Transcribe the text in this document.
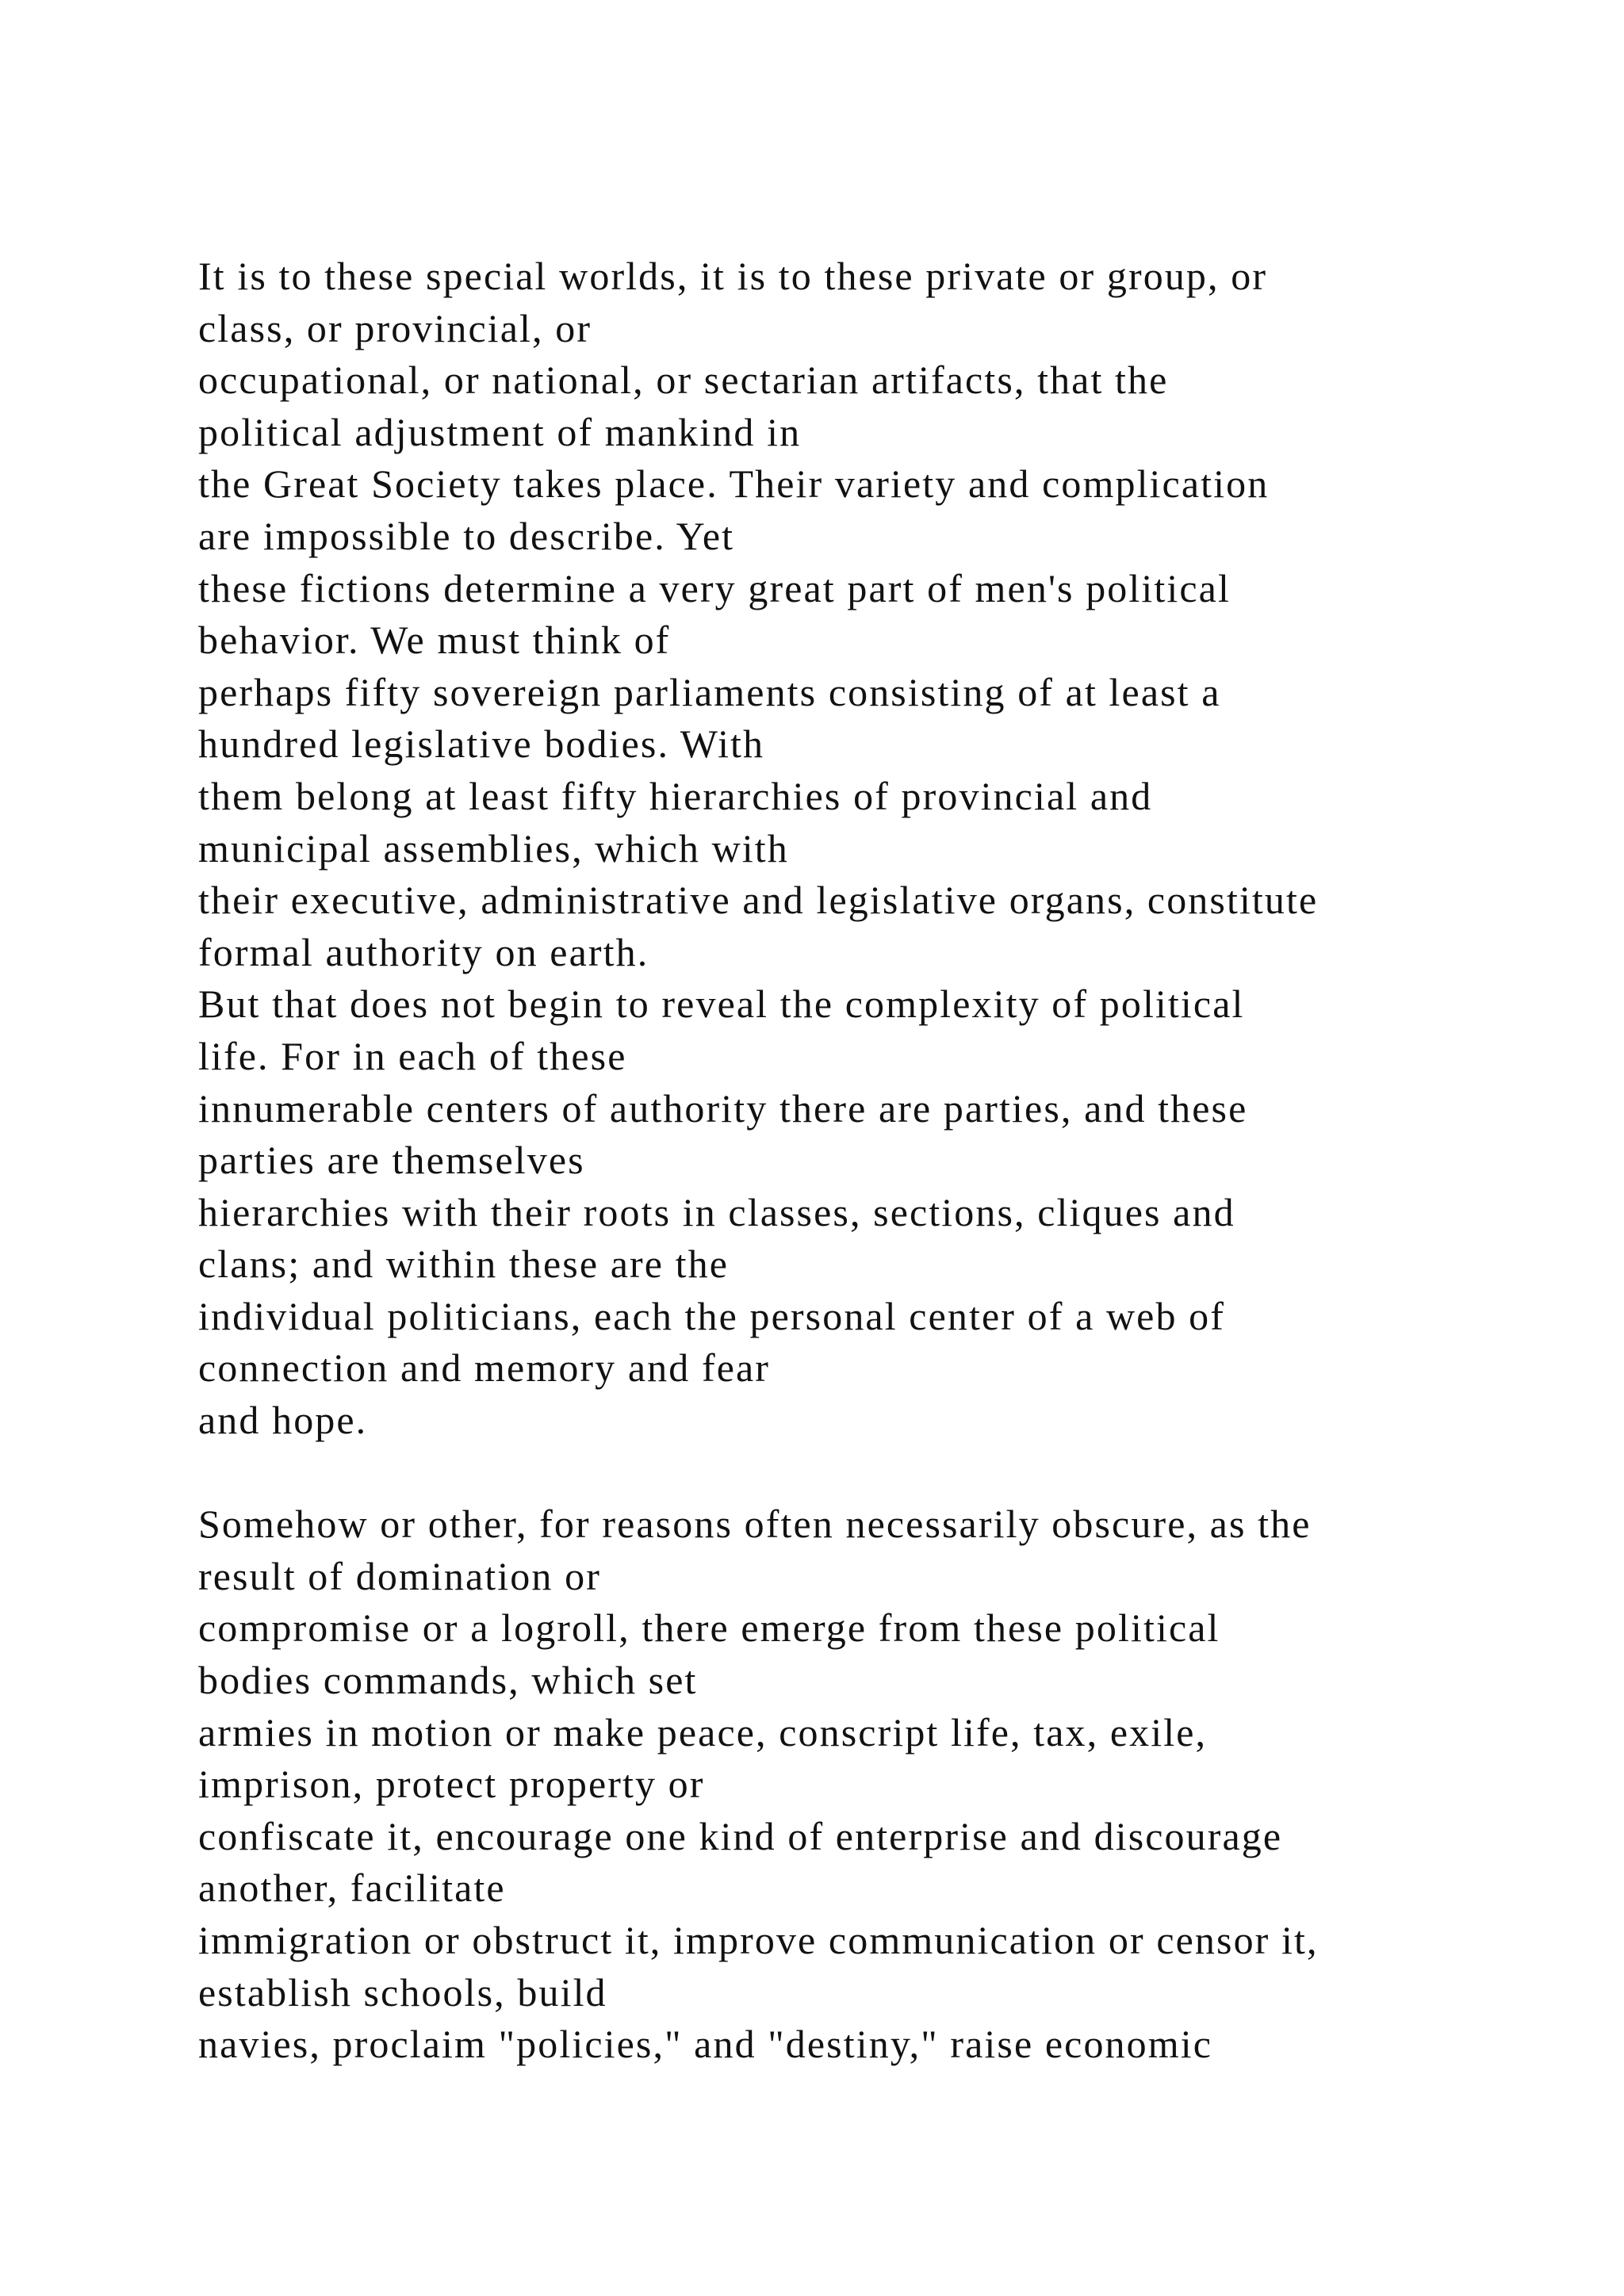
It is to these special worlds, it is to these private or group, or
class, or provincial, or
occupational, or national, or sectarian artifacts, that the
political adjustment of mankind in
the Great Society takes place. Their variety and complication
are impossible to describe. Yet
these fictions determine a very great part of men's political
behavior. We must think of
perhaps fifty sovereign parliaments consisting of at least a
hundred legislative bodies. With
them belong at least fifty hierarchies of provincial and
municipal assemblies, which with
their executive, administrative and legislative organs, constitute
formal authority on earth.
But that does not begin to reveal the complexity of political
life. For in each of these
innumerable centers of authority there are parties, and these
parties are themselves
hierarchies with their roots in classes, sections, cliques and
clans; and within these are the
individual politicians, each the personal center of a web of
connection and memory and fear
and hope.
Somehow or other, for reasons often necessarily obscure, as the
result of domination or
compromise or a logroll, there emerge from these political
bodies commands, which set
armies in motion or make peace, conscript life, tax, exile,
imprison, protect property or
confiscate it, encourage one kind of enterprise and discourage
another, facilitate
immigration or obstruct it, improve communication or censor it,
establish schools, build
navies, proclaim "policies," and "destiny," raise economic
